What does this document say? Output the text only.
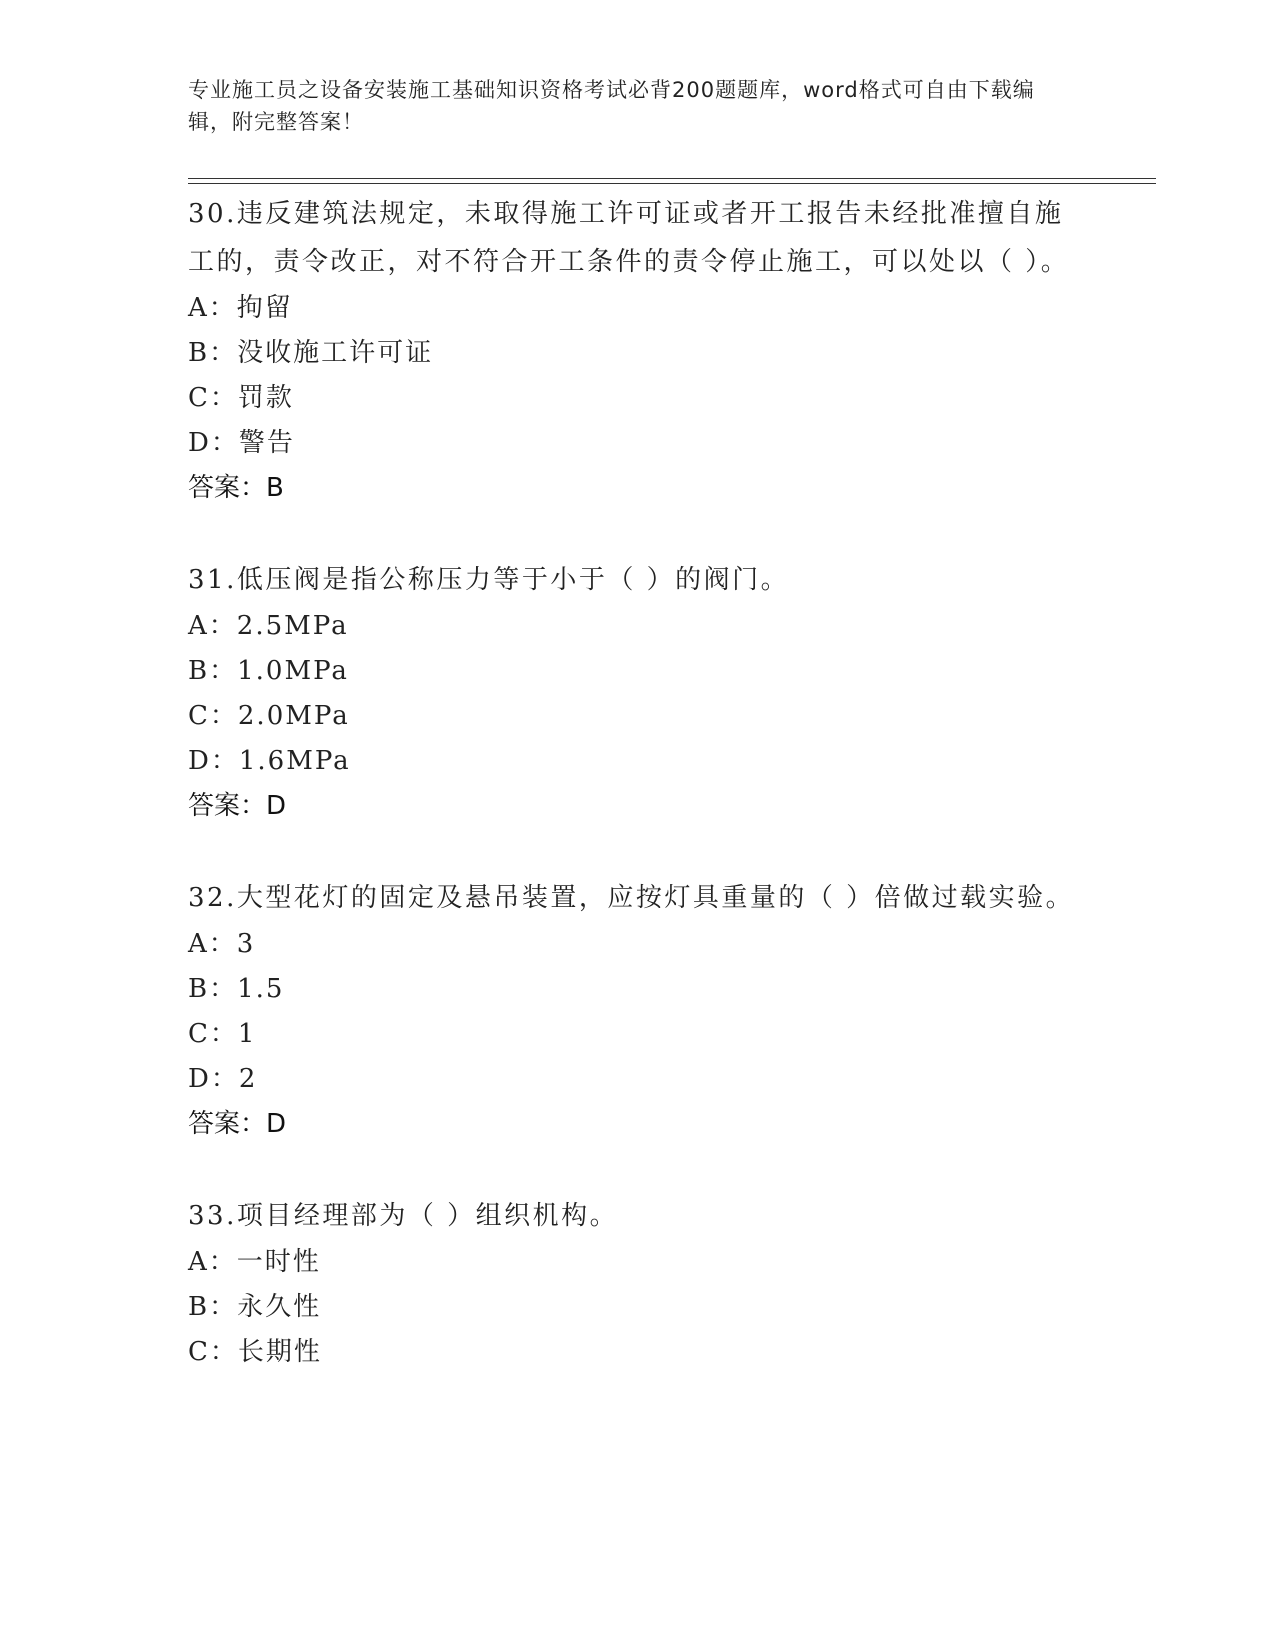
专业施工员之设备安装施工基础知识资格考试必背200题题库，word格式可自由下载编辑，附完整答案！

30.违反建筑法规定，未取得施工许可证或者开工报告未经批准擅自施工的，责令改正，对不符合开工条件的责令停止施工，可以处以（ ）。

A：拘留

B：没收施工许可证

C：罚款

D：警告

答案：B

31.低压阀是指公称压力等于小于（ ）的阀门。

A：2.5MPa

B：1.0MPa

C：2.0MPa

D：1.6MPa

答案：D

32.大型花灯的固定及悬吊装置，应按灯具重量的（ ）倍做过载实验。

A：3

B：1.5

C：1

D：2

答案：D

33.项目经理部为（ ）组织机构。

A：一时性

B：永久性

C：长期性
